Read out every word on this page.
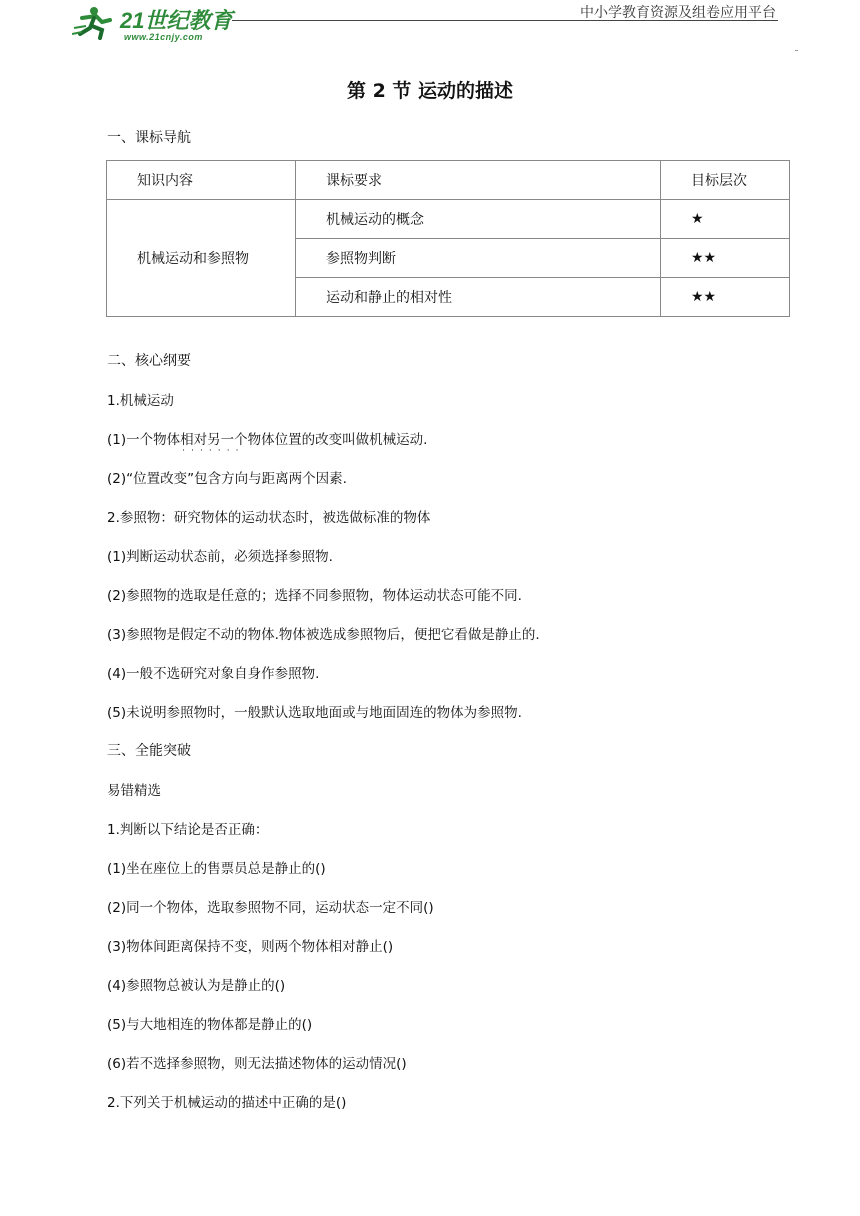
21世纪教育
www.21cnjy.com
中小学教育资源及组卷应用平台
第 2 节 运动的描述
一、课标导航
知识内容	课标要求	目标层次
机械运动和参照物	机械运动的概念	★
	参照物判断	★★
	运动和静止的相对性	★★
二、核心纲要
1.机械运动
(1)一个物体相对另一个物体 · · ·位置的改变叫做机械运动.
(2)“位置改变”包含方向与距离两个因素.
2.参照物：研究物体的运动状态时，被选做标准的物体
(1)判断运动状态前，必须选择参照物.
(2)参照物的选取是任意的；选择不同参照物，物体运动状态可能不同.
(3)参照物是假定不动的物体.物体被选成参照物后，便把它看做是静止的.
(4)一般不选研究对象自身作参照物.
(5)未说明参照物时，一般默认选取地面或与地面固连的物体为参照物.
三、全能突破
易错精选
1.判断以下结论是否正确：
(1)坐在座位上的售票员总是静止的()
(2)同一个物体，选取参照物不同，运动状态一定不同()
(3)物体间距离保持不变，则两个物体相对静止()
(4)参照物总被认为是静止的()
(5)与大地相连的物体都是静止的()
(6)若不选择参照物，则无法描述物体的运动情况()
2.下列关于机械运动的描述中正确的是()
